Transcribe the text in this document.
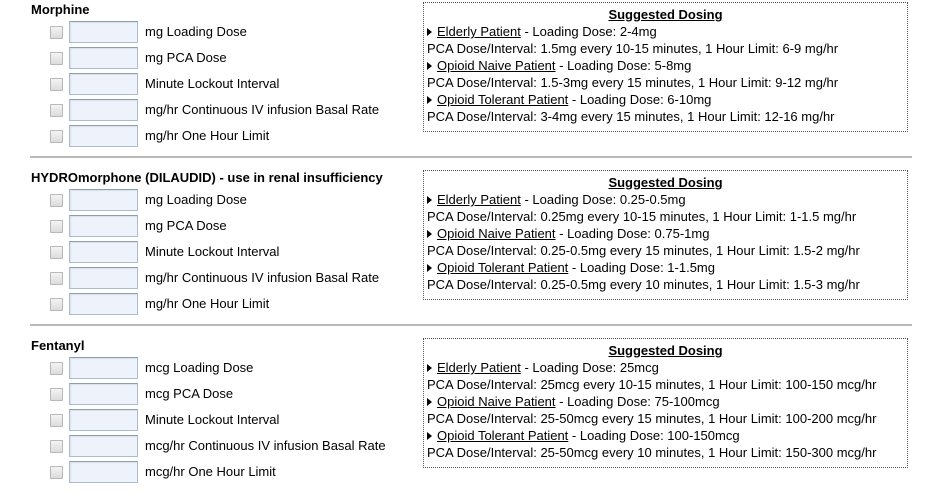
Morphine
mg Loading Dose
mg PCA Dose
Minute Lockout Interval
mg/hr Continuous IV infusion Basal Rate
mg/hr One Hour Limit
Suggested Dosing
Elderly Patient - Loading Dose: 2-4mg
PCA Dose/Interval: 1.5mg every 10-15 minutes, 1 Hour Limit: 6-9 mg/hr
Opioid Naive Patient - Loading Dose: 5-8mg
PCA Dose/Interval: 1.5-3mg every 15 minutes, 1 Hour Limit: 9-12 mg/hr
Opioid Tolerant Patient - Loading Dose: 6-10mg
PCA Dose/Interval: 3-4mg every 15 minutes, 1 Hour Limit: 12-16 mg/hr
HYDROmorphone (DILAUDID) - use in renal insufficiency
mg Loading Dose
mg PCA Dose
Minute Lockout Interval
mg/hr Continuous IV infusion Basal Rate
mg/hr One Hour Limit
Suggested Dosing
Elderly Patient - Loading Dose: 0.25-0.5mg
PCA Dose/Interval: 0.25mg every 10-15 minutes, 1 Hour Limit: 1-1.5 mg/hr
Opioid Naive Patient - Loading Dose: 0.75-1mg
PCA Dose/Interval: 0.25-0.5mg every 15 minutes, 1 Hour Limit: 1.5-2 mg/hr
Opioid Tolerant Patient - Loading Dose: 1-1.5mg
PCA Dose/Interval: 0.25-0.5mg every 10 minutes, 1 Hour Limit: 1.5-3 mg/hr
Fentanyl
mcg Loading Dose
mcg PCA Dose
Minute Lockout Interval
mcg/hr Continuous IV infusion Basal Rate
mcg/hr One Hour Limit
Suggested Dosing
Elderly Patient - Loading Dose: 25mcg
PCA Dose/Interval: 25mcg every 10-15 minutes, 1 Hour Limit: 100-150 mcg/hr
Opioid Naive Patient - Loading Dose: 75-100mcg
PCA Dose/Interval: 25-50mcg every 15 minutes, 1 Hour Limit: 100-200 mcg/hr
Opioid Tolerant Patient - Loading Dose: 100-150mcg
PCA Dose/Interval: 25-50mcg every 10 minutes, 1 Hour Limit: 150-300 mcg/hr
